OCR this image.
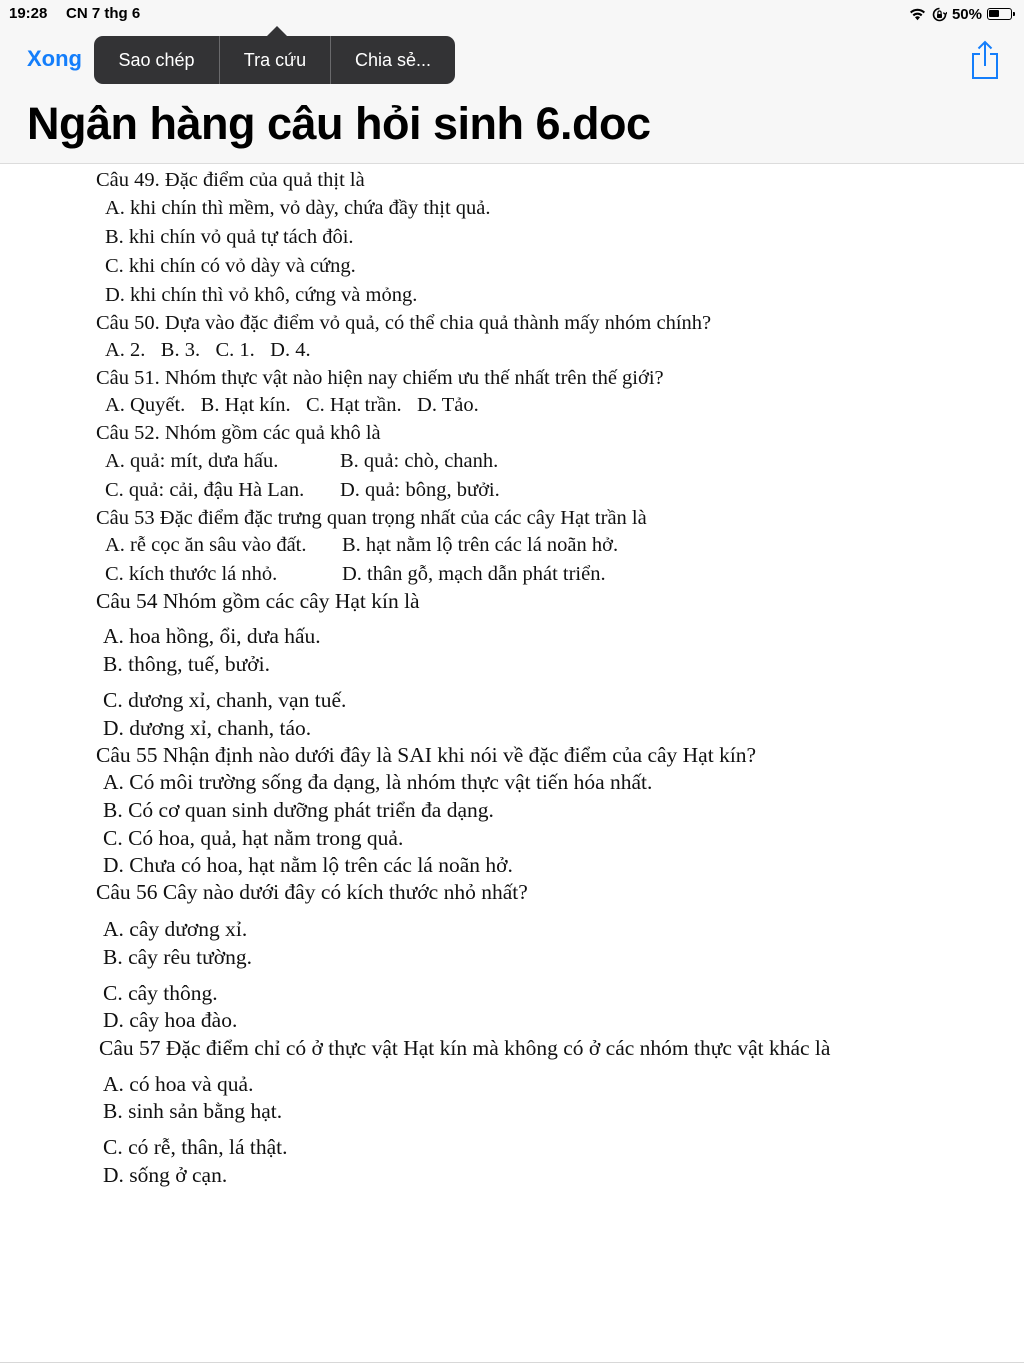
19:28 CN 7 thg 6	50%
Xong	Sao chép	Tra cứu	Chia sẻ...
Ngân hàng câu hỏi sinh 6.doc
Câu 49. Đặc điểm của quả thịt là
A. khi chín thì mềm, vỏ dày, chứa đầy thịt quả.
B. khi chín vỏ quả tự tách đôi.
C. khi chín có vỏ dày và cứng.
D. khi chín thì vỏ khô, cứng và mỏng.
Câu 50. Dựa vào đặc điểm vỏ quả, có thể chia quả thành mấy nhóm chính?
A. 2.   B. 3.   C. 1.   D. 4.
Câu 51. Nhóm thực vật nào hiện nay chiếm ưu thế nhất trên thế giới?
A. Quyết.   B. Hạt kín.   C. Hạt trần.   D. Tảo.
Câu 52. Nhóm gồm các quả khô là
A. quả: mít, dưa hấu.	B. quả: chò, chanh.
C. quả: cải, đậu Hà Lan. D. quả: bông, bưởi.
Câu 53 Đặc điểm đặc trưng quan trọng nhất của các cây Hạt trần là
A. rễ cọc ăn sâu vào đất. B. hạt nằm lộ trên các lá noãn hở.
C. kích thước lá nhỏ.	D. thân gỗ, mạch dẫn phát triển.
Câu 54 Nhóm gồm các cây Hạt kín là
A. hoa hồng, ổi, dưa hấu.
B. thông, tuế, bưởi.
C. dương xỉ, chanh, vạn tuế.
D. dương xỉ, chanh, táo.
Câu 55 Nhận định nào dưới đây là SAI khi nói về đặc điểm của cây Hạt kín?
A. Có môi trường sống đa dạng, là nhóm thực vật tiến hóa nhất.
B. Có cơ quan sinh dưỡng phát triển đa dạng.
C. Có hoa, quả, hạt nằm trong quả.
D. Chưa có hoa, hạt nằm lộ trên các lá noãn hở.
Câu 56 Cây nào dưới đây có kích thước nhỏ nhất?
A. cây dương xỉ.
B. cây rêu tường.
C. cây thông.
D. cây hoa đào.
Câu 57 Đặc điểm chỉ có ở thực vật Hạt kín mà không có ở các nhóm thực vật khác là
A. có hoa và quả.
B. sinh sản bằng hạt.
C. có rễ, thân, lá thật.
D. sống ở cạn.
